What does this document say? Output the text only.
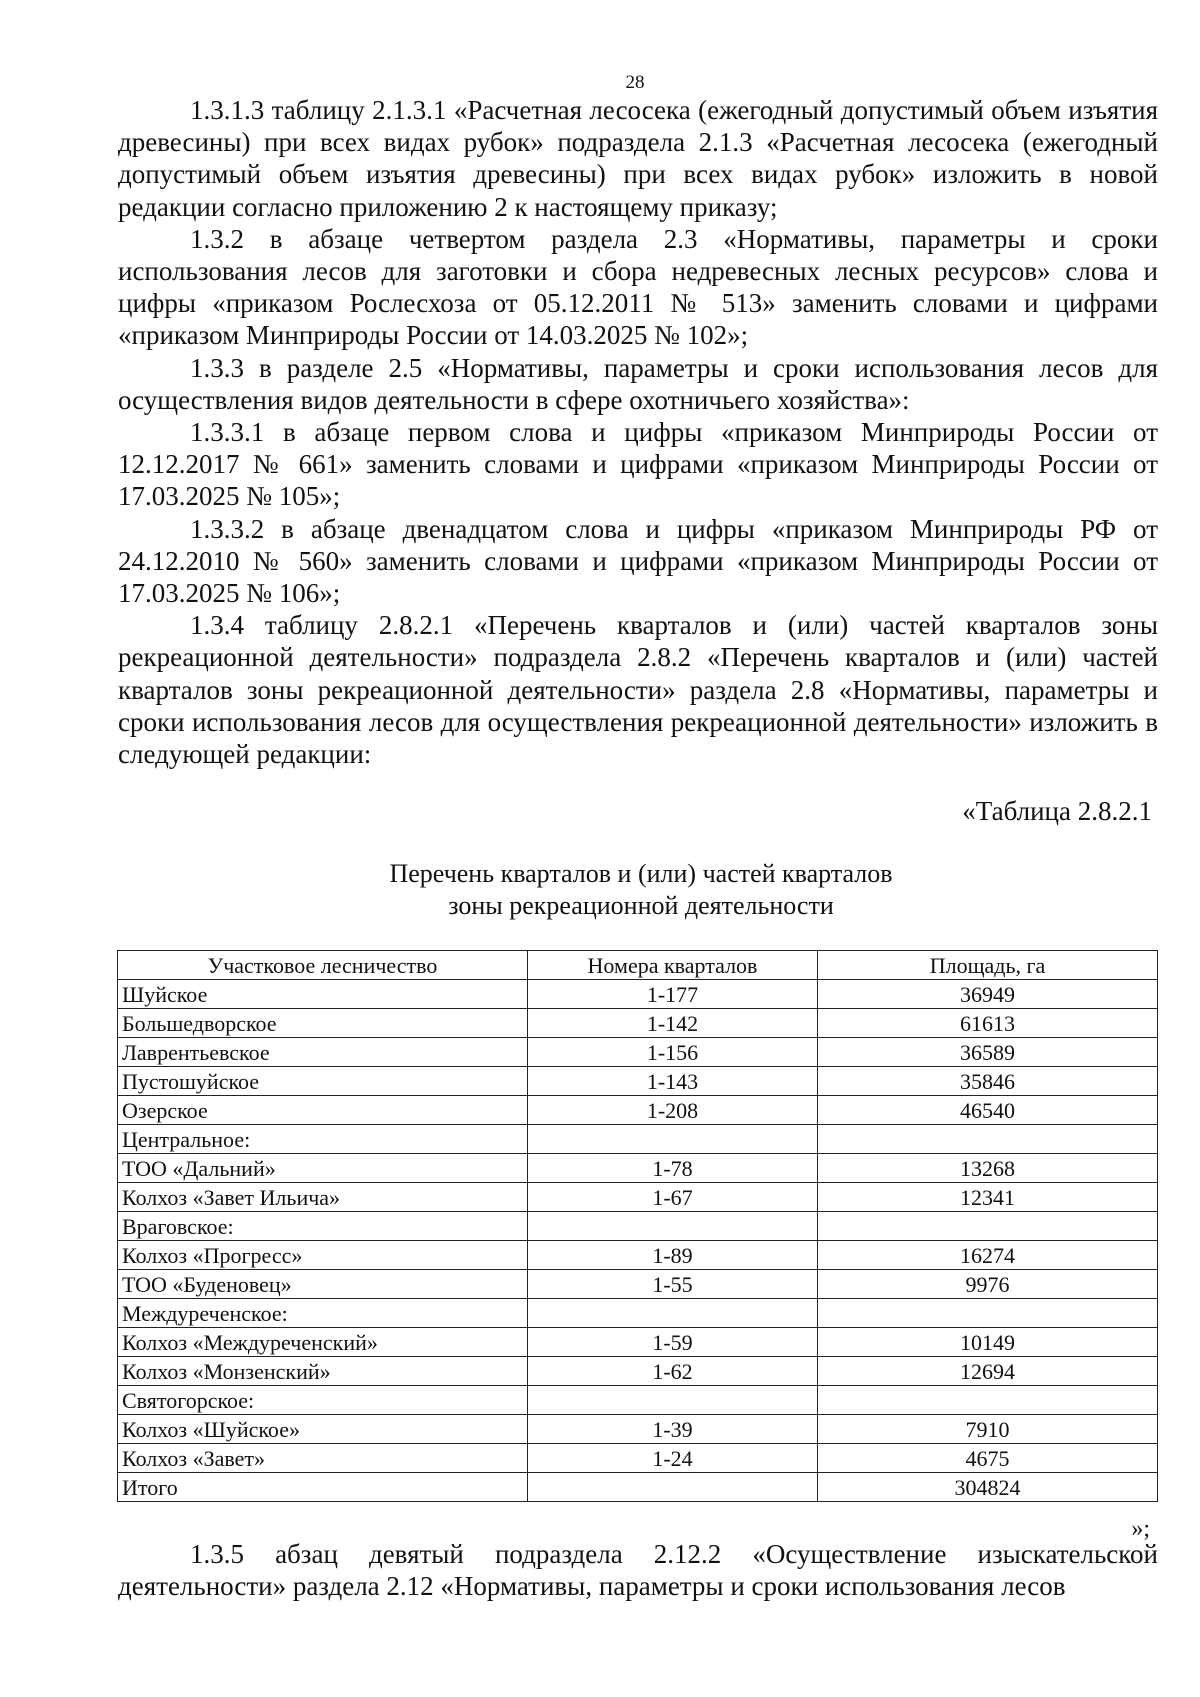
28

1.3.1.3 таблицу 2.1.3.1 «Расчетная лесосека (ежегодный допустимый объем изъятия древесины) при всех видах рубок» подраздела 2.1.3 «Расчетная лесосека (ежегодный допустимый объем изъятия древесины) при всех видах рубок» изложить в новой редакции согласно приложению 2 к настоящему приказу;

1.3.2 в абзаце четвертом раздела 2.3 «Нормативы, параметры и сроки использования лесов для заготовки и сбора недревесных лесных ресурсов» слова и цифры «приказом Рослесхоза от 05.12.2011 № 513» заменить словами и цифрами «приказом Минприроды России от 14.03.2025 № 102»;

1.3.3 в разделе 2.5 «Нормативы, параметры и сроки использования лесов для осуществления видов деятельности в сфере охотничьего хозяйства»:

1.3.3.1 в абзаце первом слова и цифры «приказом Минприроды России от 12.12.2017 № 661» заменить словами и цифрами «приказом Минприроды России от 17.03.2025 № 105»;

1.3.3.2 в абзаце двенадцатом слова и цифры «приказом Минприроды РФ от 24.12.2010 № 560» заменить словами и цифрами «приказом Минприроды России от 17.03.2025 № 106»;

1.3.4 таблицу 2.8.2.1 «Перечень кварталов и (или) частей кварталов зоны рекреационной деятельности» подраздела 2.8.2 «Перечень кварталов и (или) частей кварталов зоны рекреационной деятельности» раздела 2.8 «Нормативы, параметры и сроки использования лесов для осуществления рекреационной деятельности» изложить в следующей редакции:

«Таблица 2.8.2.1
Перечень кварталов и (или) частей кварталов
зоны рекреационной деятельности
Участковое лесничество	Номера кварталов	Площадь, га
Шуйское	1-177	36949
Большедворское	1-142	61613
Лаврентьевское	1-156	36589
Пустошуйское	1-143	35846
Озерское	1-208	46540
Центральное:		
ТОО «Дальний»	1-78	13268
Колхоз «Завет Ильича»	1-67	12341
Враговское:		
Колхоз «Прогресс»	1-89	16274
ТОО «Буденовец»	1-55	9976
Междуреченское:		
Колхоз «Междуреченский»	1-59	10149
Колхоз «Монзенский»	1-62	12694
Святогорское:		
Колхоз «Шуйское»	1-39	7910
Колхоз «Завет»	1-24	4675
Итого		304824
»;

1.3.5 абзац девятый подраздела 2.12.2 «Осуществление изыскательской деятельности» раздела 2.12 «Нормативы, параметры и сроки использования лесов
